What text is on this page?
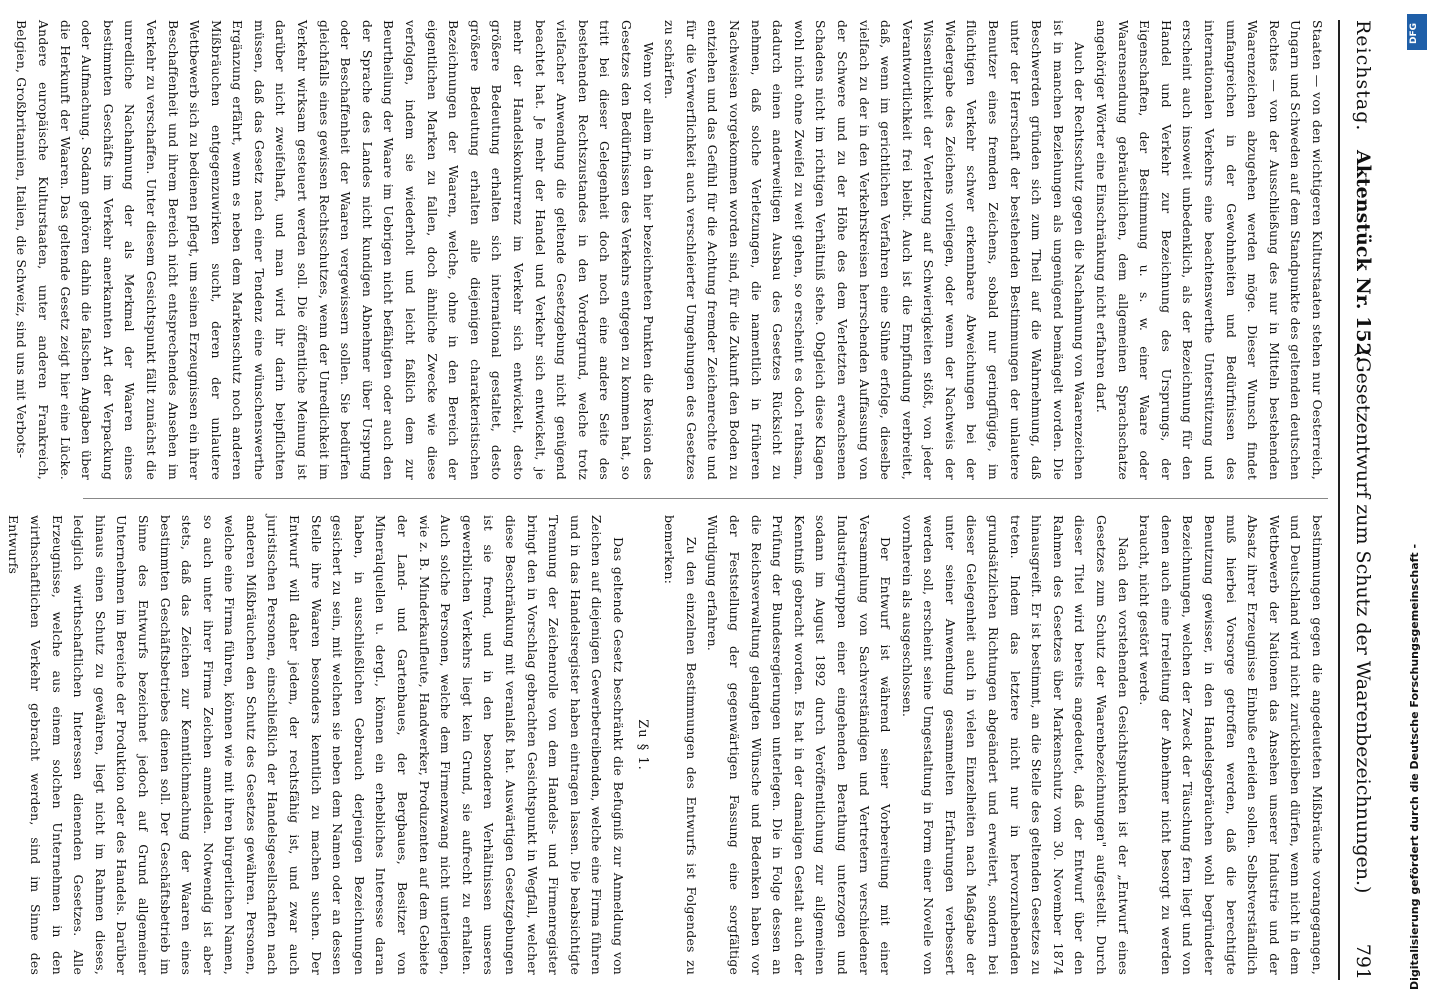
Reichstag.
Aktenstück Nr. 152.
(Gesetzentwurf zum Schutz der Waarenbezeichnungen.)
791

Staaten — von den wichtigeren Kulturstaaten stehen nur Oesterreich, Ungarn und Schweden auf dem Standpunkte des geltenden deutschen Rechtes — von der Ausschließung des nur in Mitteln bestehenden Waarenzeichen abzugehen werden möge. Dieser Wunsch findet umfangreichen in der Gewohnheiten und Bedürfnissen des internationalen Verkehrs eine beachtenswerthe Unterstützung und erscheint auch insoweit unbedenklich, als der Bezeichnung für den Handel und Verkehr zur Bezeichnung des Ursprungs, der Eigenschaften, der Bestimmung u. s. w. einer Waare oder Waarensendung gebräuchlichen, dem allgemeinen Sprachschatze angehöriger Wörter eine Einschränkung nicht erfahren darf.

Auch der Rechtsschutz gegen die Nachahmung von Waarenzeichen ist in manchen Beziehungen als ungenügend bemängelt worden. Die Beschwerden gründen sich zum Theil auf die Wahrnehmung, daß unter der Herrschaft der bestehenden Bestimmungen der unlautere Benutzer eines fremden Zeichens, sobald nur geringfügige, im flüchtigen Verkehr schwer erkennbare Abweichungen bei der Wiedergabe des Zeichens vorliegen, oder wenn der Nachweis der Wissentlichkeit der Verletzung auf Schwierigkeiten stößt, von jeder Verantwortlichkeit frei bleibt. Auch ist die Empfindung verbreitet, daß, wenn im gerichtlichen Verfahren eine Sühne erfolge, dieselbe vielfach zu der in den Verkehrskreisen herrschenden Auffassung von der Schwere und zu der Höhe des dem Verletzten erwachsenen Schadens nicht im richtigen Verhältniß stehe. Obgleich diese Klagen wohl nicht ohne Zweifel zu weit gehen, so erscheint es doch rathsam, dadurch einen anderweitigen Ausbau des Gesetzes Rücksicht zu nehmen, daß solche Verletzungen, die namentlich in früheren Nachweisen vorgekommen worden sind, für die Zukunft den Boden zu entziehen und das Gefühl für die Achtung fremder Zeichenrechte und für die Verwerflichkeit auch verschleierter Umgehungen des Gesetzes zu schärfen.

Wenn vor allem in den hier bezeichneten Punkten die Revision des Gesetzes den Bedürfnissen des Verkehrs entgegen zu kommen hat, so tritt bei dieser Gelegenheit doch noch eine andere Seite des bestehenden Rechtszustandes in den Vordergrund, welche trotz vielfacher Anwendung die geltende Gesetzgebung nicht genügend beachtet hat. Je mehr der Handel und Verkehr sich entwickelt, je mehr der Handelskonkurrenz im Verkehr sich entwickelt, desto größere Bedeutung erhalten sich international gestaltet, desto größere Bedeutung erhalten alle diejenigen charakteristischen Bezeichnungen der Waaren, welche, ohne in den Bereich der eigentlichen Marken zu fallen, doch ähnliche Zwecke wie diese verfolgen, indem sie wiederholt und leicht faßlich dem zur Beurtheilung der Waare im Uebrigen nicht befähigten oder auch den der Sprache des Landes nicht kundigen Abnehmer über Ursprung oder Beschaffenheit der Waaren vergewissern sollen. Sie bedürfen gleichfalls eines gewissen Rechtsschutzes, wenn der Unredlichkeit im Verkehr wirksam gesteuert werden soll. Die öffentliche Meinung ist darüber nicht zweifelhaft, und man wird ihr darin beipflichten müssen, daß das Gesetz nach einer Tendenz eine wünschenswerthe Ergänzung erfährt, wenn es neben dem Markenschutz noch anderen Mißbräuchen entgegenzuwirken sucht, deren der unlautere Wettbewerb sich zu bedienen pflegt, um seinen Erzeugnissen ein ihrer Beschaffenheit und ihrem Bereich nicht entsprechendes Ansehen im Verkehr zu verschaffen. Unter diesem Gesichtspunkt fällt zunächst die unredliche Nachahmung der als Merkmal der Waaren eines bestimmten Geschäfts im Verkehr anerkannten Art der Verpackung oder Aufmachung. Sodann gehören dahin die falschen Angaben über die Herkunft der Waaren. Das geltende Gesetz zeigt hier eine Lücke. Andere europäische Kulturstaaten, unter anderen Frankreich, Belgien, Großbritannien, Italien, die Schweiz, sind uns mit Verbots-

bestimmungen gegen die angedeuteten Mißbräuche vorangegangen, und Deutschland wird nicht zurückbleiben dürfen, wenn nicht in dem Wettbewerb der Nationen das Ansehen unserer Industrie und der Absatz ihrer Erzeugnisse Einbuße erleiden sollen. Selbstverständlich muß hierbei Vorsorge getroffen werden, daß die berechtigte Benutzung gewisser, in den Handelsgebräuchen wohl begründeter Bezeichnungen, welchen der Zweck der Täuschung fern liegt und von denen auch eine Irreleitung der Abnehmer nicht besorgt zu werden braucht, nicht gestört werde.

Nach den vorstehenden Gesichtspunkten ist der „Entwurf eines Gesetzes zum Schutz der Waarenbezeichnungen" aufgestellt. Durch dieser Titel wird bereits angedeutet, daß der Entwurf über den Rahmen des Gesetzes über Markenschutz vom 30. November 1874 hinausgreift. Er ist bestimmt, an die Stelle des geltenden Gesetzes zu treten. Indem das letztere nicht nur in hervorzuhebenden grundsätzlichen Richtungen abgeändert und erweitert, sondern bei dieser Gelegenheit auch in vielen Einzelheiten nach Maßgabe der unter seiner Anwendung gesammelten Erfahrungen verbessert werden soll, erscheint seine Umgestaltung in Form einer Novelle von vornherein als ausgeschlossen.

Der Entwurf ist während seiner Vorbereitung mit einer Versammlung von Sachverständigen und Vertretern verschiedener Industriegruppen einer eingehenden Berathung unterzogen und sodann im August 1892 durch Veröffentlichung zur allgemeinen Kenntniß gebracht worden. Es hat in der damaligen Gestalt auch der Prüfung der Bundesregierungen unterlegen. Die in Folge dessen an die Reichsverwaltung gelangten Wünsche und Bedenken haben vor der Feststellung der gegenwärtigen Fassung eine sorgfältige Würdigung erfahren.

Zu den einzelnen Bestimmungen des Entwurfs ist Folgendes zu bemerken:

Zu § 1.

Das geltende Gesetz beschränkt die Befugniß zur Anmeldung von Zeichen auf diejenigen Gewerbetreibenden, welche eine Firma führen und in das Handelsregister haben eintragen lassen. Die beabsichtigte Trennung der Zeichenrolle von dem Handels- und Firmenregister bringt den in Vorschlag gebrachten Gesichtspunkt in Wegfall, welcher diese Beschränkung mit veranlaßt hat. Auswärtigen Gesetzgebungen ist sie fremd, und in den besonderen Verhältnissen unseres gewerblichen Verkehrs liegt kein Grund, sie aufrecht zu erhalten. Auch solche Personen, welche dem Firmenzwang nicht unterliegen, wie z. B. Minderkaufleute, Handwerker, Produzenten auf dem Gebiete der Land- und Gartenbaues, der Bergbaues, Besitzer von Mineralquellen u. dergl., können ein erhebliches Interesse daran haben, in ausschließlichen Gebrauch derjenigen Bezeichnungen gesichert zu sein, mit welchen sie neben dem Namen oder an dessen Stelle ihre Waaren besonders kenntlich zu machen suchen. Der Entwurf will daher jedem, der rechtsfähig ist, und zwar auch juristischen Personen, einschließlich der Handelsgesellschaften nach anderen Mißbräuchen den Schutz des Gesetzes gewähren. Personen, welche eine Firma führen, können wie mit ihren bürgerlichen Namen, so auch unter ihrer Firma Zeichen anmelden. Notwendig ist aber stets, daß das Zeichen zur Kenntlichmachung der Waaren eines bestimmten Geschäftsbetriebes dienen soll. Der Geschäftsbetrieb im Sinne des Entwurfs bezeichnet jedoch auf Grund allgemeiner Unternehmen im Bereiche der Produktion oder des Handels. Darüber hinaus einen Schutz zu gewähren, liegt nicht im Rahmen dieses, lediglich wirthschaftlichen Interessen dienenden Gesetzes. Alle Erzeugnisse, welche aus einem solchen Unternehmen in den wirthschaftlichen Verkehr gebracht werden, sind im Sinne des Entwurfs

DFG
Digitalisierung gefördert durch die Deutsche Forschungsgemeinschaft -
